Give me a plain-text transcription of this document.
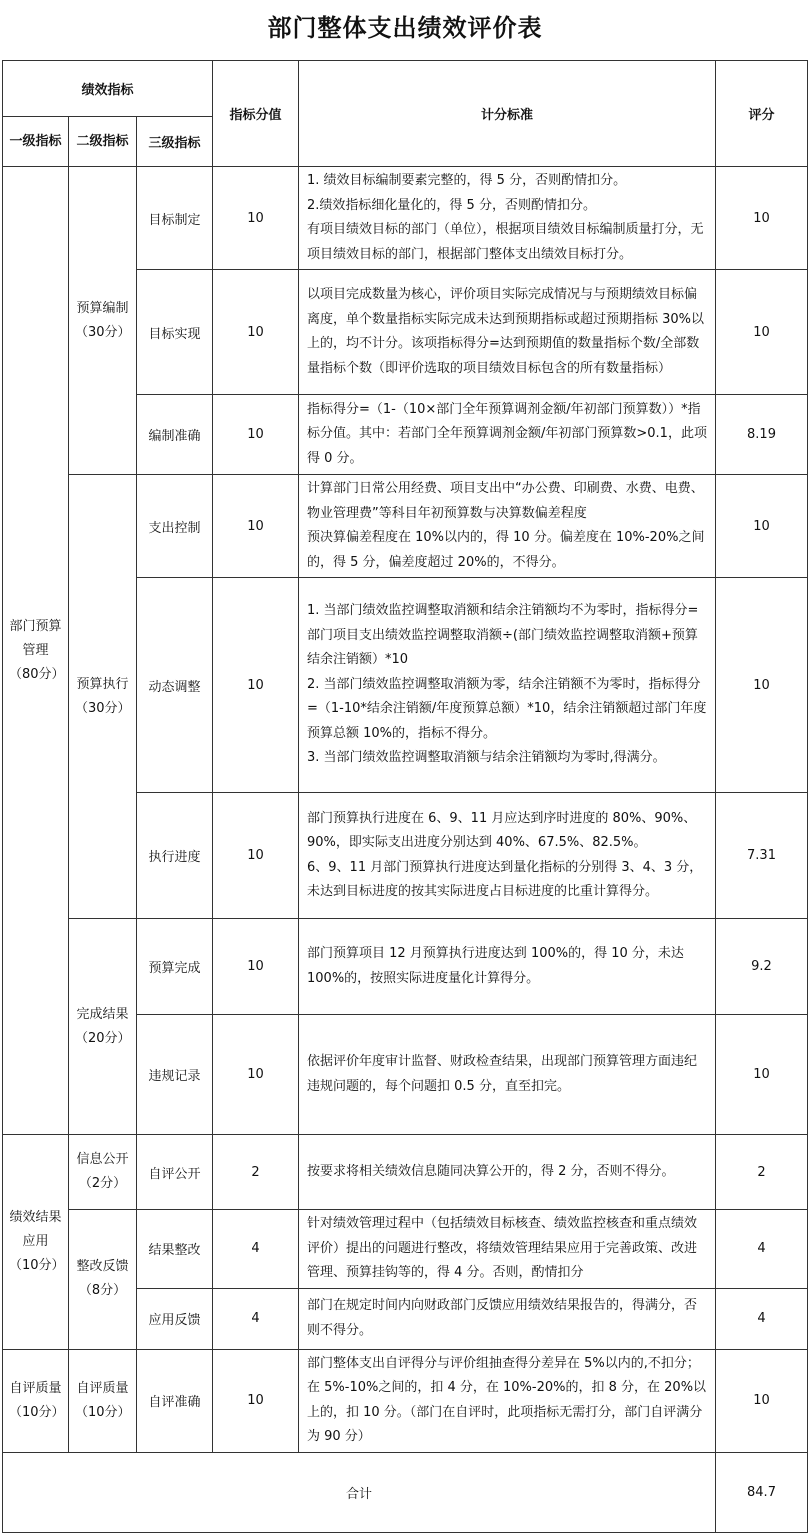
部门整体支出绩效评价表
绩效指标			指标分值	计分标准	评分
一级指标	二级指标	三级指标			
部门预算管理（80分）	预算编制（30分）	目标制定	10	1. 绩效目标编制要素完整的，得 5 分，否则酌情扣分。
2.绩效指标细化量化的，得 5 分，否则酌情扣分。
有项目绩效目标的部门（单位），根据项目绩效目标编制质量打分，无项目绩效目标的部门，根据部门整体支出绩效目标打分。	10
		目标实现	10	以项目完成数量为核心，评价项目实际完成情况与与预期绩效目标偏离度，单个数量指标实际完成未达到预期指标或超过预期指标 30%以上的，均不计分。该项指标得分=达到预期值的数量指标个数/全部数量指标个数（即评价选取的项目绩效目标包含的所有数量指标）	10
		编制准确	10	指标得分=（1-（10×部门全年预算调剂金额/年初部门预算数））*指标分值。其中：若部门全年预算调剂金额/年初部门预算数>0.1，此项得 0 分。	8.19
	预算执行（30分）	支出控制	10	计算部门日常公用经费、项目支出中“办公费、印刷费、水费、电费、物业管理费”等科目年初预算数与决算数偏差程度
预决算偏差程度在 10%以内的，得 10 分。偏差度在 10%-20%之间的，得 5 分，偏差度超过 20%的，不得分。	10
		动态调整	10	1. 当部门绩效监控调整取消额和结余注销额均不为零时，指标得分=部门项目支出绩效监控调整取消额÷(部门绩效监控调整取消额+预算结余注销额）*10
2. 当部门绩效监控调整取消额为零，结余注销额不为零时，指标得分=（1-10*结余注销额/年度预算总额）*10，结余注销额超过部门年度预算总额 10%的，指标不得分。
3. 当部门绩效监控调整取消额与结余注销额均为零时,得满分。	10
		执行进度	10	部门预算执行进度在 6、9、11 月应达到序时进度的 80%、90%、90%，即实际支出进度分别达到 40%、67.5%、82.5%。
6、9、11 月部门预算执行进度达到量化指标的分别得 3、4、3 分，未达到目标进度的按其实际进度占目标进度的比重计算得分。	7.31
	完成结果（20分）	预算完成	10	部门预算项目 12 月预算执行进度达到 100%的，得 10 分，未达 100%的，按照实际进度量化计算得分。	9.2
		违规记录	10	依据评价年度审计监督、财政检查结果，出现部门预算管理方面违纪违规问题的，每个问题扣 0.5 分，直至扣完。	10
绩效结果应用（10分）	信息公开（2分）	自评公开	2	按要求将相关绩效信息随同决算公开的，得 2 分，否则不得分。	2
	整改反馈（8分）	结果整改	4	针对绩效管理过程中（包括绩效目标核查、绩效监控核查和重点绩效评价）提出的问题进行整改，将绩效管理结果应用于完善政策、改进管理、预算挂钩等的，得 4 分。否则，酌情扣分	4
		应用反馈	4	部门在规定时间内向财政部门反馈应用绩效结果报告的，得满分，否则不得分。	4
自评质量（10分）	自评质量（10分）	自评准确	10	部门整体支出自评得分与评价组抽查得分差异在 5%以内的,不扣分；在 5%-10%之间的，扣 4 分，在 10%-20%的，扣 8 分，在 20%以上的，扣 10 分。（部门在自评时，此项指标无需打分，部门自评满分为 90 分）	10
合计					84.7
